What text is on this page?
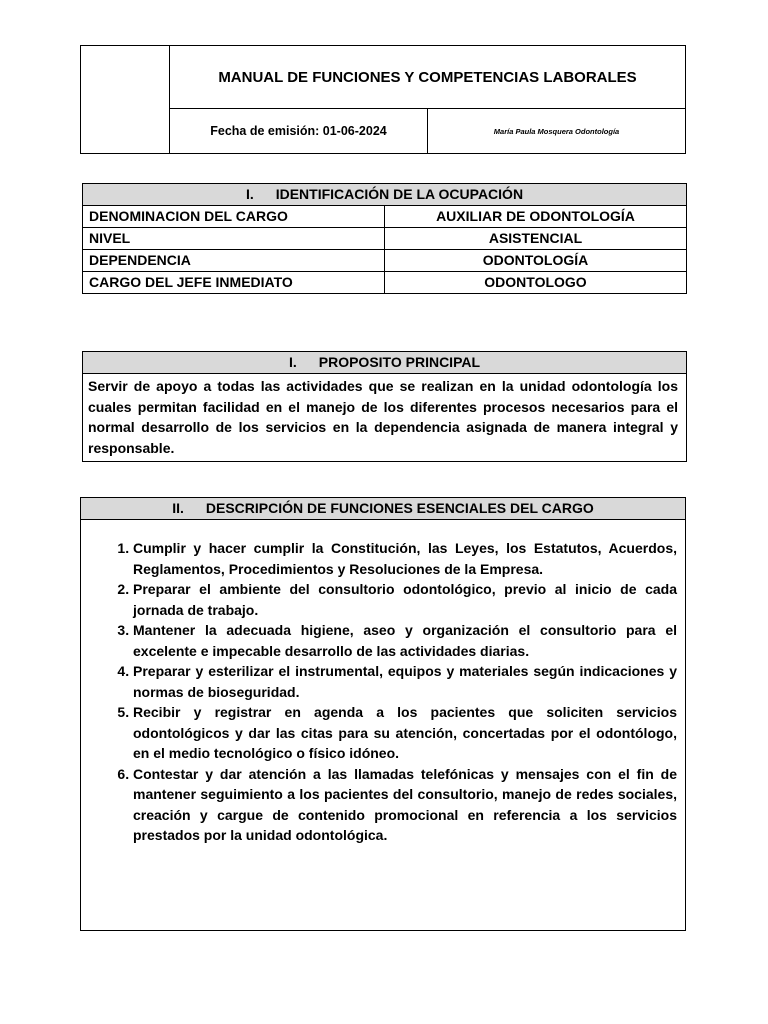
	MANUAL DE FUNCIONES Y COMPETENCIAS LABORALES	
	Fecha de emisión: 01-06-2024	María Paula Mosquera Odontología
I. IDENTIFICACIÓN DE LA OCUPACIÓN	
DENOMINACION DEL CARGO	AUXILIAR DE ODONTOLOGÍA
NIVEL	ASISTENCIAL
DEPENDENCIA	ODONTOLOGÍA
CARGO DEL JEFE INMEDIATO	ODONTOLOGO
I. PROPOSITO PRINCIPAL
Servir de apoyo a todas las actividades que se realizan en la unidad odontología los cuales permitan facilidad en el manejo de los diferentes procesos necesarios para el normal desarrollo de los servicios en la dependencia asignada de manera integral y responsable.
II. DESCRIPCIÓN DE FUNCIONES ESENCIALES DEL CARGO

1. Cumplir y hacer cumplir la Constitución, las Leyes, los Estatutos, Acuerdos, Reglamentos, Procedimientos y Resoluciones de la Empresa.
2. Preparar el ambiente del consultorio odontológico, previo al inicio de cada jornada de trabajo.
3. Mantener la adecuada higiene, aseo y organización el consultorio para el excelente e impecable desarrollo de las actividades diarias.
4. Preparar y esterilizar el instrumental, equipos y materiales según indicaciones y normas de bioseguridad.
5. Recibir y registrar en agenda a los pacientes que soliciten servicios odontológicos y dar las citas para su atención, concertadas por el odontólogo, en el medio tecnológico o físico idóneo.
6. Contestar y dar atención a las llamadas telefónicas y mensajes con el fin de mantener seguimiento a los pacientes del consultorio, manejo de redes sociales, creación y cargue de contenido promocional en referencia a los servicios prestados por la unidad odontológica.
